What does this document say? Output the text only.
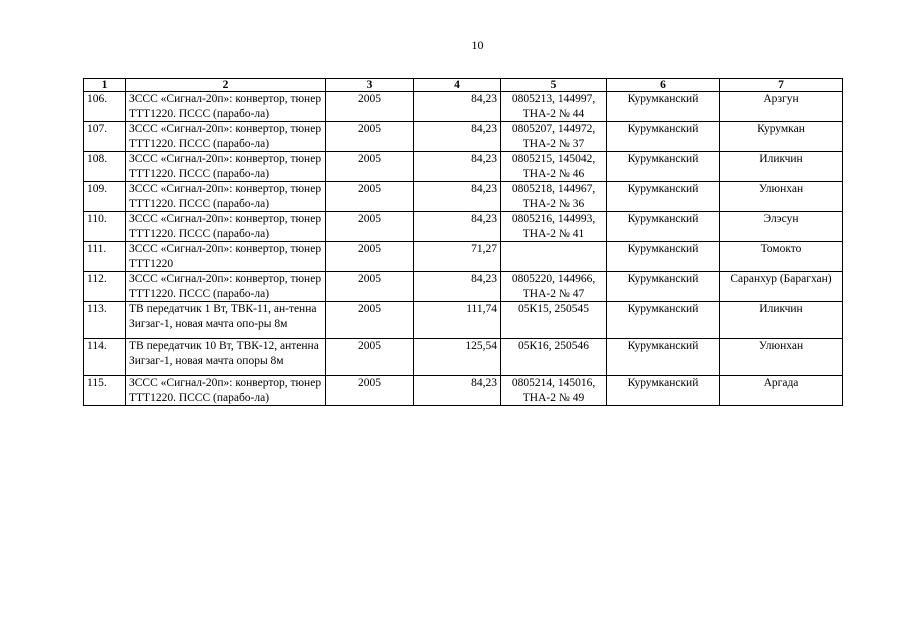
10
1	2	3	4	5	6	7
106.	ЗССС «Сигнал-20п»: конвертор, тюнер ТТТ1220. ПССС (парабо-ла)	2005	84,23	0805213, 144997, ТНА-2 № 44	Курумканский	Арзгун
107.	ЗССС «Сигнал-20п»: конвертор, тюнер ТТТ1220. ПССС (парабо-ла)	2005	84,23	0805207, 144972, ТНА-2 № 37	Курумканский	Курумкан
108.	ЗССС «Сигнал-20п»: конвертор, тюнер ТТТ1220. ПССС (парабо-ла)	2005	84,23	0805215, 145042, ТНА-2 № 46	Курумканский	Иликчин
109.	ЗССС «Сигнал-20п»: конвертор, тюнер ТТТ1220. ПССС (парабо-ла)	2005	84,23	0805218, 144967, ТНА-2 № 36	Курумканский	Улюнхан
110.	ЗССС «Сигнал-20п»: конвертор, тюнер ТТТ1220. ПССС (парабо-ла)	2005	84,23	0805216, 144993, ТНА-2 № 41	Курумканский	Элэсун
111.	ЗССС «Сигнал-20п»: конвертор, тюнер ТТТ1220	2005	71,27		Курумканский	Томокто
112.	ЗССС «Сигнал-20п»: конвертор, тюнер ТТТ1220. ПССС (парабо-ла)	2005	84,23	0805220, 144966, ТНА-2 № 47	Курумканский	Саранхур (Барагхан)
113.	ТВ передатчик 1 Вт, ТВК-11, ан-тенна Зигзаг-1, новая мачта опо-ры 8м	2005	111,74	05К15, 250545	Курумканский	Иликчин
114.	ТВ передатчик 10 Вт, ТВК-12, антенна Зигзаг-1, новая мачта опоры 8м	2005	125,54	05К16, 250546	Курумканский	Улюнхан
115.	ЗССС «Сигнал-20п»: конвертор, тюнер ТТТ1220. ПССС (парабо-ла)	2005	84,23	0805214, 145016, ТНА-2 № 49	Курумканский	Аргада
